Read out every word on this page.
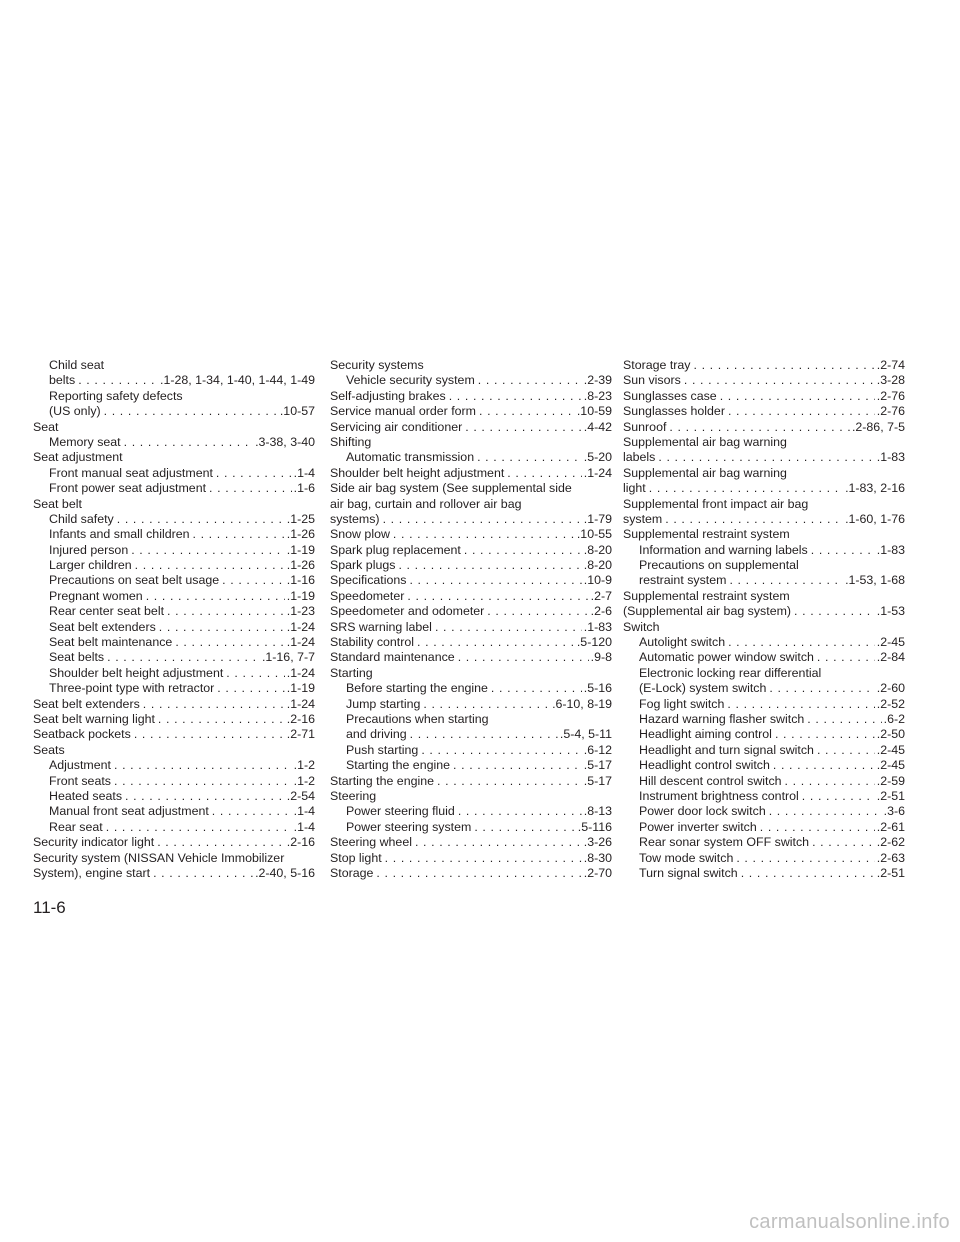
Child seat
belts . . .	.1-28, 1-34, 1-40, 1-44, 1-49
Reporting safety defects
(US only) . . .	.10-57
Seat
Memory seat . . .	.3-38, 3-40
Seat adjustment
Front manual seat adjustment . . .	.1-4
Front power seat adjustment . . .	.1-6
Seat belt
Child safety . . .	.1-25
Infants and small children . . .	.1-26
Injured person . . .	.1-19
Larger children . . .	.1-26
Precautions on seat belt usage . . .	.1-16
Pregnant women . . .	.1-19
Rear center seat belt . . .	.1-23
Seat belt extenders . . .	.1-24
Seat belt maintenance . . .	.1-24
Seat belts . . .	.1-16, 7-7
Shoulder belt height adjustment . . .	.1-24
Three-point type with retractor . . .	.1-19
Seat belt extenders . . .	.1-24
Seat belt warning light . . .	.2-16
Seatback pockets . . .	.2-71
Seats
Adjustment . . .	.1-2
Front seats . . .	.1-2
Heated seats . . .	.2-54
Manual front seat adjustment . . .	.1-4
Rear seat . . .	.1-4
Security indicator light . . .	.2-16
Security system (NISSAN Vehicle Immobilizer
System), engine start . . .	.2-40, 5-16
Security systems
Vehicle security system . . .	.2-39
Self-adjusting brakes . . .	.8-23
Service manual order form . . .	.10-59
Servicing air conditioner . . .	.4-42
Shifting
Automatic transmission . . .	.5-20
Shoulder belt height adjustment . . .	.1-24
Side air bag system (See supplemental side
air bag, curtain and rollover air bag
systems) . . .	.1-79
Snow plow . . .	.10-55
Spark plug replacement . . .	.8-20
Spark plugs . . .	.8-20
Specifications . . .	.10-9
Speedometer . . .	.2-7
Speedometer and odometer . . .	.2-6
SRS warning label . . .	.1-83
Stability control . . .	.5-120
Standard maintenance . . .	.9-8
Starting
Before starting the engine . . .	.5-16
Jump starting . . .	.6-10, 8-19
Precautions when starting
and driving . . .	.5-4, 5-11
Push starting . . .	.6-12
Starting the engine . . .	.5-17
Starting the engine . . .	.5-17
Steering
Power steering fluid . . .	.8-13
Power steering system . . .	.5-116
Steering wheel . . .	.3-26
Stop light . . .	.8-30
Storage . . .	.2-70
Storage tray . . .	.2-74
Sun visors . . .	.3-28
Sunglasses case . . .	.2-76
Sunglasses holder . . .	.2-76
Sunroof . . .	.2-86, 7-5
Supplemental air bag warning
labels . . .	.1-83
Supplemental air bag warning
light . . .	.1-83, 2-16
Supplemental front impact air bag
system . . .	.1-60, 1-76
Supplemental restraint system
Information and warning labels . . .	.1-83
Precautions on supplemental
restraint system . . .	.1-53, 1-68
Supplemental restraint system
(Supplemental air bag system) . . .	.1-53
Switch
Autolight switch . . .	.2-45
Automatic power window switch . . .	.2-84
Electronic locking rear differential
(E-Lock) system switch . . .	.2-60
Fog light switch . . .	.2-52
Hazard warning flasher switch . . .	.6-2
Headlight aiming control . . .	.2-50
Headlight and turn signal switch . . .	.2-45
Headlight control switch . . .	.2-45
Hill descent control switch . . .	.2-59
Instrument brightness control . . .	.2-51
Power door lock switch . . .	.3-6
Power inverter switch . . .	.2-61
Rear sonar system OFF switch . . .	.2-62
Tow mode switch . . .	.2-63
Turn signal switch . . .	.2-51
11-6
carmanualsonline.info
